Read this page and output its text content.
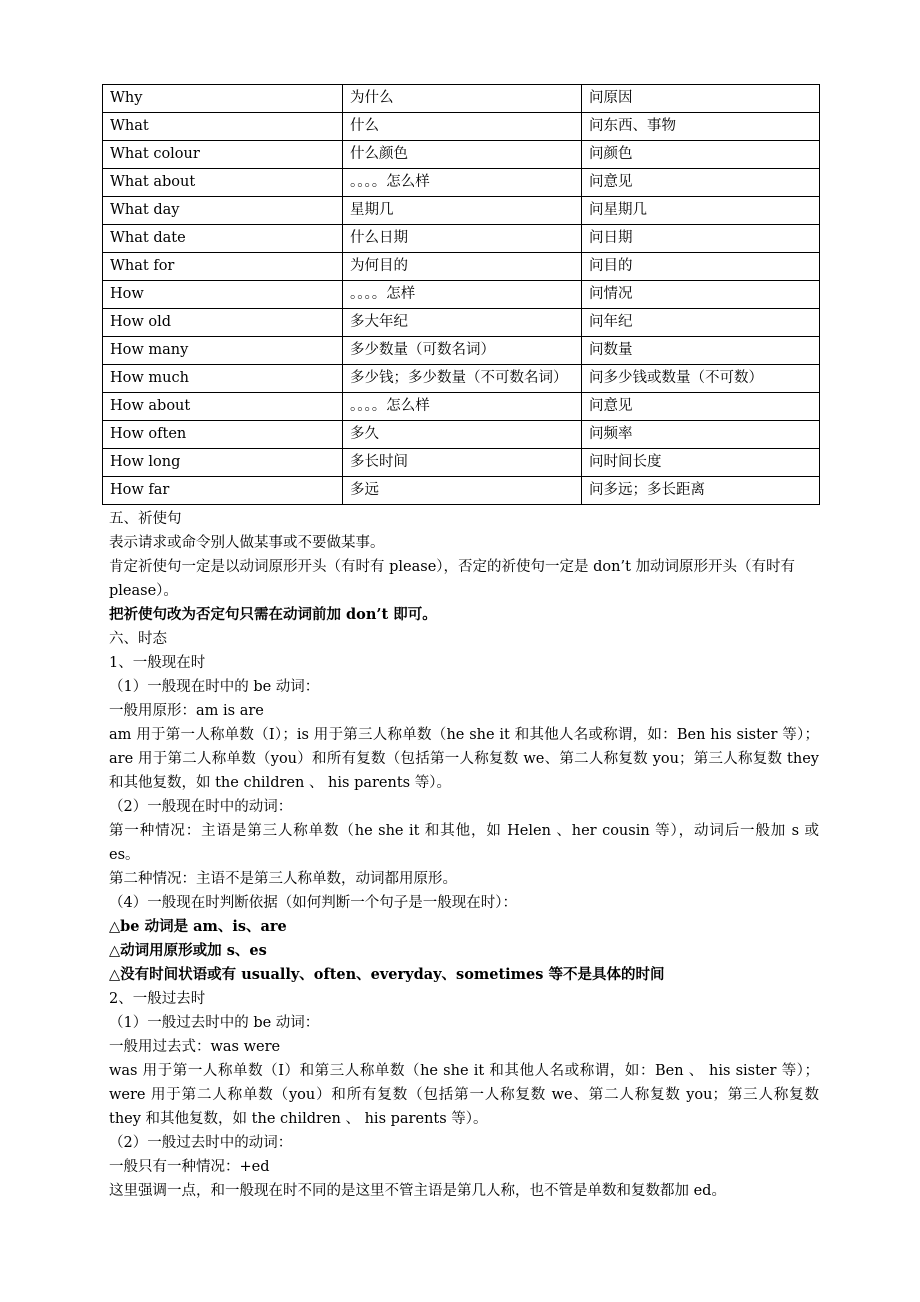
Why	为什么	问原因
What	什么	问东西、事物
What colour	什么颜色	问颜色
What about	。。。。怎么样	问意见
What day	星期几	问星期几
What date	什么日期	问日期
What for	为何目的	问目的
How	。。。。怎样	问情况
How old	多大年纪	问年纪
How many	多少数量（可数名词）	问数量
How much	多少钱；多少数量（不可数名词）	问多少钱或数量（不可数）
How about	。。。。怎么样	问意见
How often	多久	问频率
How long	多长时间	问时间长度
How far	多远	问多远；多长距离
五、祈使句
表示请求或命令别人做某事或不要做某事。
肯定祈使句一定是以动词原形开头（有时有 please），否定的祈使句一定是 don’t 加动词原形开头（有时有 please）。
把祈使句改为否定句只需在动词前加 don’t 即可。
六、时态
1、一般现在时
（1）一般现在时中的 be 动词：
一般用原形：am is are
am 用于第一人称单数（I）；is 用于第三人称单数（he she it 和其他人名或称谓，如：Ben his sister 等）；are 用于第二人称单数（you）和所有复数（包括第一人称复数 we、第二人称复数 you；第三人称复数 they 和其他复数，如 the children 、 his parents 等）。
（2）一般现在时中的动词：
第一种情况：主语是第三人称单数（he she it 和其他，如 Helen 、her cousin 等），动词后一般加 s 或 es。
第二种情况：主语不是第三人称单数，动词都用原形。
（4）一般现在时判断依据（如何判断一个句子是一般现在时）：
△be 动词是 am、is、are
△动词用原形或加 s、es
△没有时间状语或有 usually、often、everyday、sometimes 等不是具体的时间
2、一般过去时
（1）一般过去时中的 be 动词：
一般用过去式：was were
was 用于第一人称单数（I）和第三人称单数（he she it 和其他人名或称谓，如：Ben 、 his sister 等）；were 用于第二人称单数（you）和所有复数（包括第一人称复数 we、第二人称复数 you；第三人称复数 they 和其他复数，如 the children 、 his parents 等）。
（2）一般过去时中的动词：
一般只有一种情况：+ed
这里强调一点，和一般现在时不同的是这里不管主语是第几人称，也不管是单数和复数都加 ed。
